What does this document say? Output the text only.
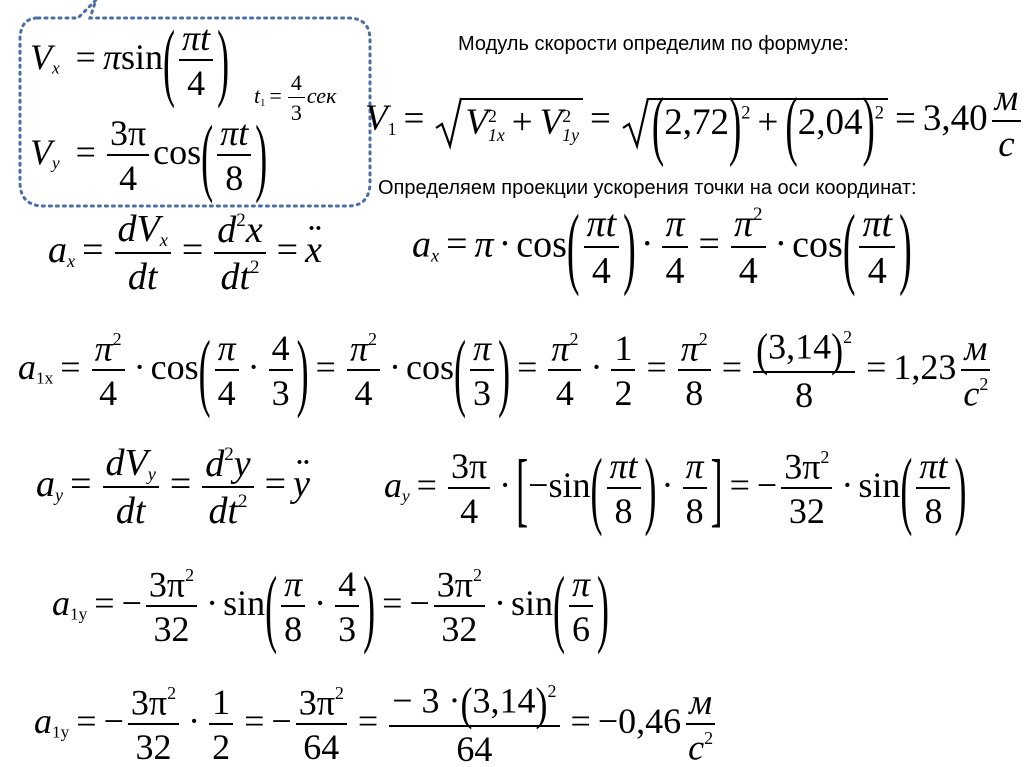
$V_x = \pi\sin( \frac{\pi t}{4}$ )
$V_y = \frac{3\pi}{4} \cos( \frac{\pi t}{8}$ )
$t_1 = \frac{4}{3}$ сек
Модуль скорости определим по формуле:
$V_1 = V$ 2
1x + V 2
$1y = (2,72)^2 + (2,04)^2 = 3,40 \frac{м}{с}$
Определяем проекции ускорения точки на оси координат:
$a_x = \frac{dV_x}{dt} = \frac{d^2x}{dt^2}$ = ·· x $a_x = \pi \cdot \cos( \frac{\pi t}{4}$ ) · $\frac{\pi}{4} = \frac{\pi^2}{4} \cdot \cos( \frac{\pi t}{4}$ )
$a_{1x} = \frac{\pi^2}{4} \cdot \cos( \frac{\pi}{4} \cdot \frac{4}{3}$ ) = $\frac{\pi^2}{4} \cdot \cos( \frac{\pi}{3}$ ) = $\frac{\pi^2}{4} \cdot \frac{1}{2} = \frac{\pi^2}{8} = \frac{(3,14)^2}{8} = 1,23 \frac{м}{с^2}$
$a_y = \frac{dV_y}{dt} = \frac{d^2y}{dt^2}$ = ·· y $a_y = \frac{3\pi}{4} \cdot [-\sin( \frac{\pi t}{8}$ ) · $\frac{\pi}{8}$ ] = − $\frac{3\pi^2}{32} \cdot \sin( \frac{\pi t}{8}$ )
$a_{1y}$ = − $\frac{3\pi^2}{32} \cdot \sin( \frac{\pi}{8} \cdot \frac{4}{3}$ ) = − $\frac{3\pi^2}{32} \cdot \sin( \frac{\pi}{6}$ )
$a_{1y}$ = − $\frac{3\pi^2}{32} \cdot \frac{1}{2}$ = − $\frac{3\pi^2}{64} = \frac{- 3 \cdot(3,14)^2}{64} = -0,46 \frac{м}{с^2}$
